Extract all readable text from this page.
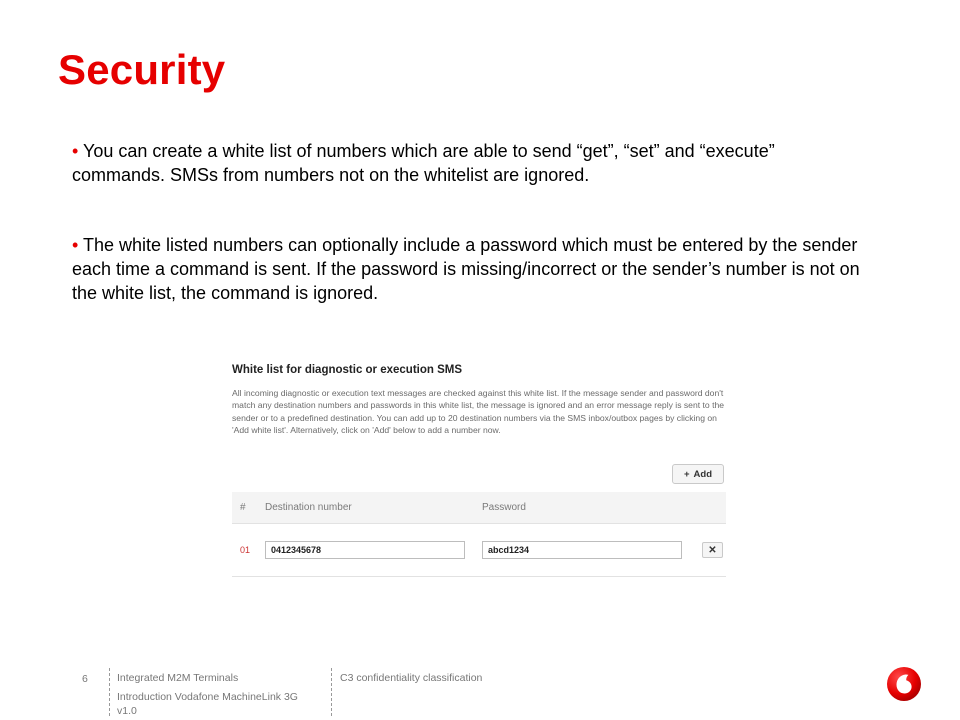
Security
• You can create a white list of numbers which are able to send “get”, “set” and “execute” commands. SMSs from numbers not on the whitelist are ignored.
• The white listed numbers can optionally include a password which must be entered by the sender each time a command is sent. If the password is missing/incorrect or the sender’s number is not on the white list, the command is ignored.
White list for diagnostic or execution SMS
All incoming diagnostic or execution text messages are checked against this white list. If the message sender and password don't match any destination numbers and passwords in this white list, the message is ignored and an error message reply is sent to the sender or to a predefined destination. You can add up to 20 destination numbers via the SMS inbox/outbox pages by clicking on 'Add white list'. Alternatively, click on 'Add' below to add a number now.
+ Add
# Destination number	Password
01	0412345678	abcd1234	✕
6	Integrated M2M Terminals
Introduction Vodafone MachineLink 3G v1.0
C3 confidentiality classification
